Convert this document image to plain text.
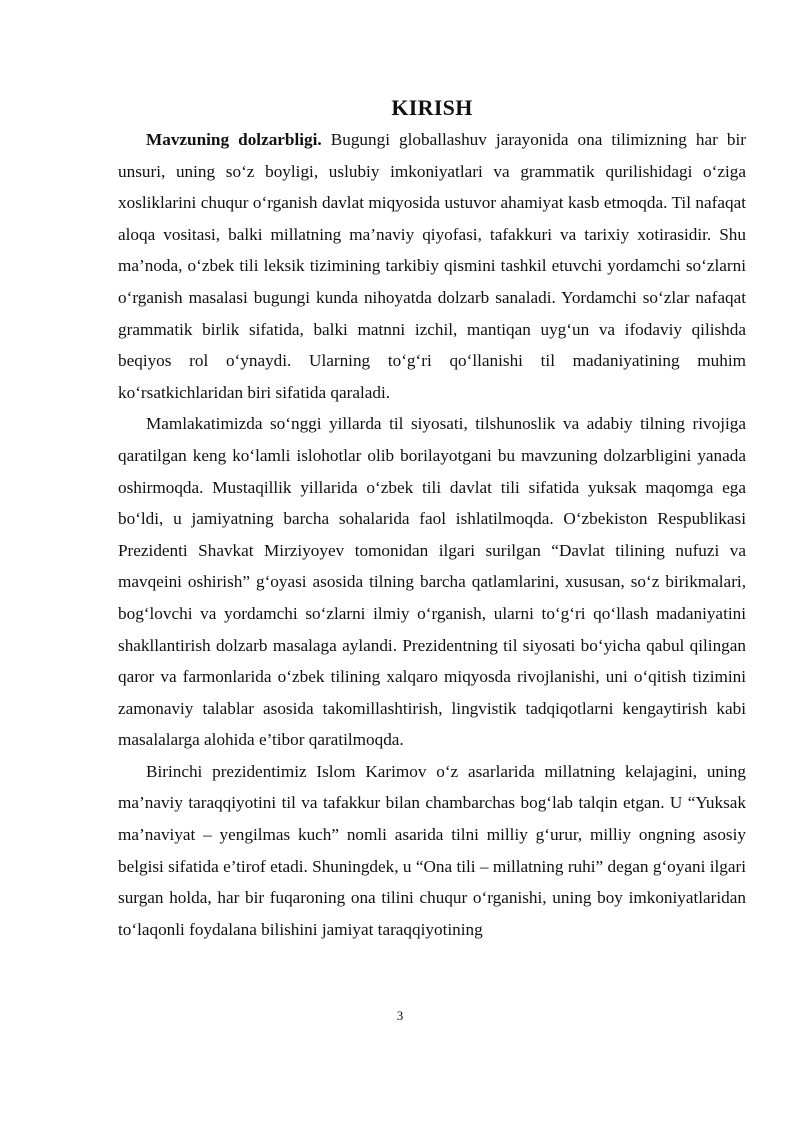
KIRISH

Mavzuning dolzarbligi. Bugungi globallashuv jarayonida ona tilimizning har bir unsuri, uning so‘z boyligi, uslubiy imkoniyatlari va grammatik qurilishidagi o‘ziga xosliklarini chuqur o‘rganish davlat miqyosida ustuvor ahamiyat kasb etmoqda. Til nafaqat aloqa vositasi, balki millatning ma’naviy qiyofasi, tafakkuri va tarixiy xotirasidir. Shu ma’noda, o‘zbek tili leksik tizimining tarkibiy qismini tashkil etuvchi yordamchi so‘zlarni o‘rganish masalasi bugungi kunda nihoyatda dolzarb sanaladi. Yordamchi so‘zlar nafaqat grammatik birlik sifatida, balki matnni izchil, mantiqan uyg‘un va ifodaviy qilishda beqiyos rol o‘ynaydi. Ularning to‘g‘ri qo‘llanishi til madaniyatining muhim ko‘rsatkichlaridan biri sifatida qaraladi.

Mamlakatimizda so‘nggi yillarda til siyosati, tilshunoslik va adabiy tilning rivojiga qaratilgan keng ko‘lamli islohotlar olib borilayotgani bu mavzuning dolzarbligini yanada oshirmoqda. Mustaqillik yillarida o‘zbek tili davlat tili sifatida yuksak maqomga ega bo‘ldi, u jamiyatning barcha sohalarida faol ishlatilmoqda. O‘zbekiston Respublikasi Prezidenti Shavkat Mirziyoyev tomonidan ilgari surilgan “Davlat tilining nufuzi va mavqeini oshirish” g‘oyasi asosida tilning barcha qatlamlarini, xususan, so‘z birikmalari, bog‘lovchi va yordamchi so‘zlarni ilmiy o‘rganish, ularni to‘g‘ri qo‘llash madaniyatini shakllantirish dolzarb masalaga aylandi. Prezidentning til siyosati bo‘yicha qabul qilingan qaror va farmonlarida o‘zbek tilining xalqaro miqyosda rivojlanishi, uni o‘qitish tizimini zamonaviy talablar asosida takomillashtirish, lingvistik tadqiqotlarni kengaytirish kabi masalalarga alohida e’tibor qaratilmoqda.

Birinchi prezidentimiz Islom Karimov o‘z asarlarida millatning kelajagini, uning ma’naviy taraqqiyotini til va tafakkur bilan chambarchas bog‘lab talqin etgan. U “Yuksak ma’naviyat – yengilmas kuch” nomli asarida tilni milliy g‘urur, milliy ongning asosiy belgisi sifatida e’tirof etadi. Shuningdek, u “Ona tili – millatning ruhi” degan g‘oyani ilgari surgan holda, har bir fuqaroning ona tilini chuqur o‘rganishi, uning boy imkoniyatlaridan to‘laqonli foydalana bilishini jamiyat taraqqiyotining

3
